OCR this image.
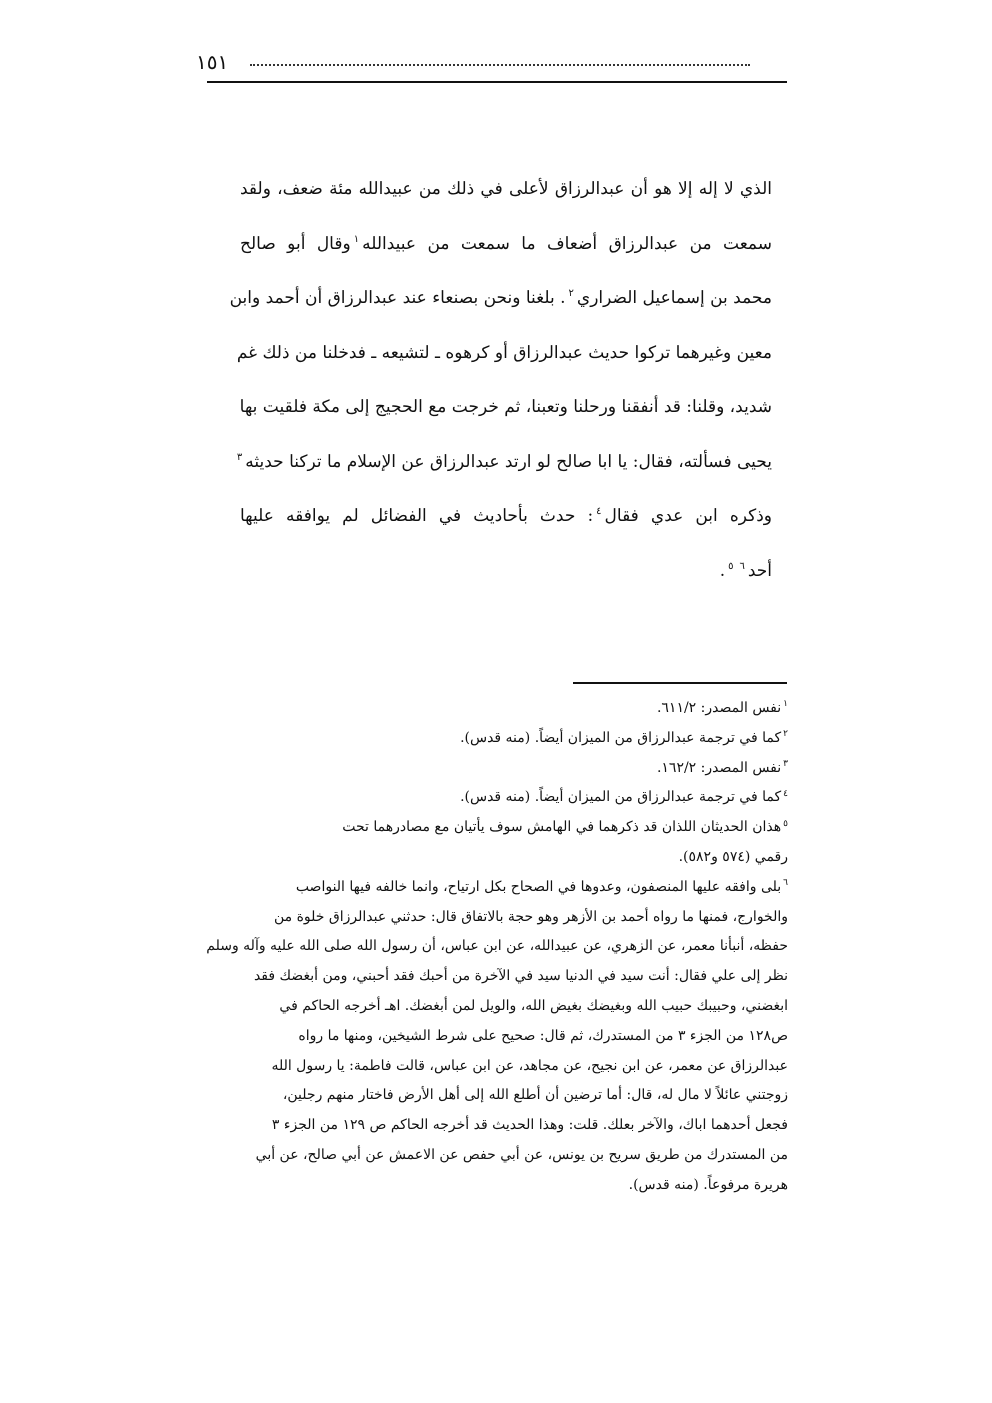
١٥١
الذي لا إله إلا هو أن عبدالرزاق لأعلى في ذلك من عبيدالله مئة ضعف، ولقد
سمعت من عبدالرزاق أضعاف ما سمعت من عبيدالله$^١$وقال أبو صالح
محمد بن إسماعيل الضراري$^٢$. بلغنا ونحن بصنعاء عند عبدالرزاق أن أحمد وابن
معين وغيرهما تركوا حديث عبدالرزاق أو كرهوه ـ لتشيعه ـ فدخلنا من ذلك غم
شديد، وقلنا: قد أنفقنا ورحلنا وتعبنا، ثم خرجت مع الحجيج إلى مكة فلقيت بها
يحيى فسألته، فقال: يا ابا صالح لو ارتد عبدالرزاق عن الإسلام ما تركنا حديثه$^٣$
وذكره ابن عدي فقال$^٤$: حدث بأحاديث في الفضائل لم يوافقه عليها
أحد$^٥$ $^٦$.
$^١$نفس المصدر: ٦١١/٢.
$^٢$كما في ترجمة عبدالرزاق من الميزان أيضاً. (منه قدس).
$^٣$نفس المصدر: ١٦٢/٢.
$^٤$كما في ترجمة عبدالرزاق من الميزان أيضاً. (منه قدس).
$^٥$هذان الحديثان اللذان قد ذكرهما في الهامش سوف يأتيان مع مصادرهما تحت
رقمي (٥٧٤ و٥٨٢).
$^٦$بلى وافقه عليها المنصفون، وعدوها في الصحاح بكل ارتياح، وانما خالفه فيها النواصب
والخوارج، فمنها ما رواه أحمد بن الأزهر وهو حجة بالاتفاق قال: حدثني عبدالرزاق خلوة من
حفظه، أنبأنا معمر، عن الزهري، عن عبيدالله، عن ابن عباس، أن رسول الله صلى الله عليه وآله وسلم
نظر إلى علي فقال: أنت سيد في الدنيا سيد في الآخرة من أحبك فقد أحبني، ومن أبغضك فقد
ابغضني، وحبيبك حبيب الله وبغيضك بغيض الله، والويل لمن أبغضك. اهـ أخرجه الحاكم في
ص١٢٨ من الجزء ٣ من المستدرك، ثم قال: صحيح على شرط الشيخين، ومنها ما رواه
عبدالرزاق عن معمر، عن ابن نجيح، عن مجاهد، عن ابن عباس، قالت فاطمة: يا رسول الله
زوجتني عائلاً لا مال له، قال: أما ترضين أن أطلع الله إلى أهل الأرض فاختار منهم رجلين،
فجعل أحدهما اباك، والآخر بعلك. قلت: وهذا الحديث قد أخرجه الحاكم ص ١٢٩ من الجزء ٣
من المستدرك من طريق سريح بن يونس، عن أبي حفص عن الاعمش عن أبي صالح، عن أبي
هريرة مرفوعاً. (منه قدس).
